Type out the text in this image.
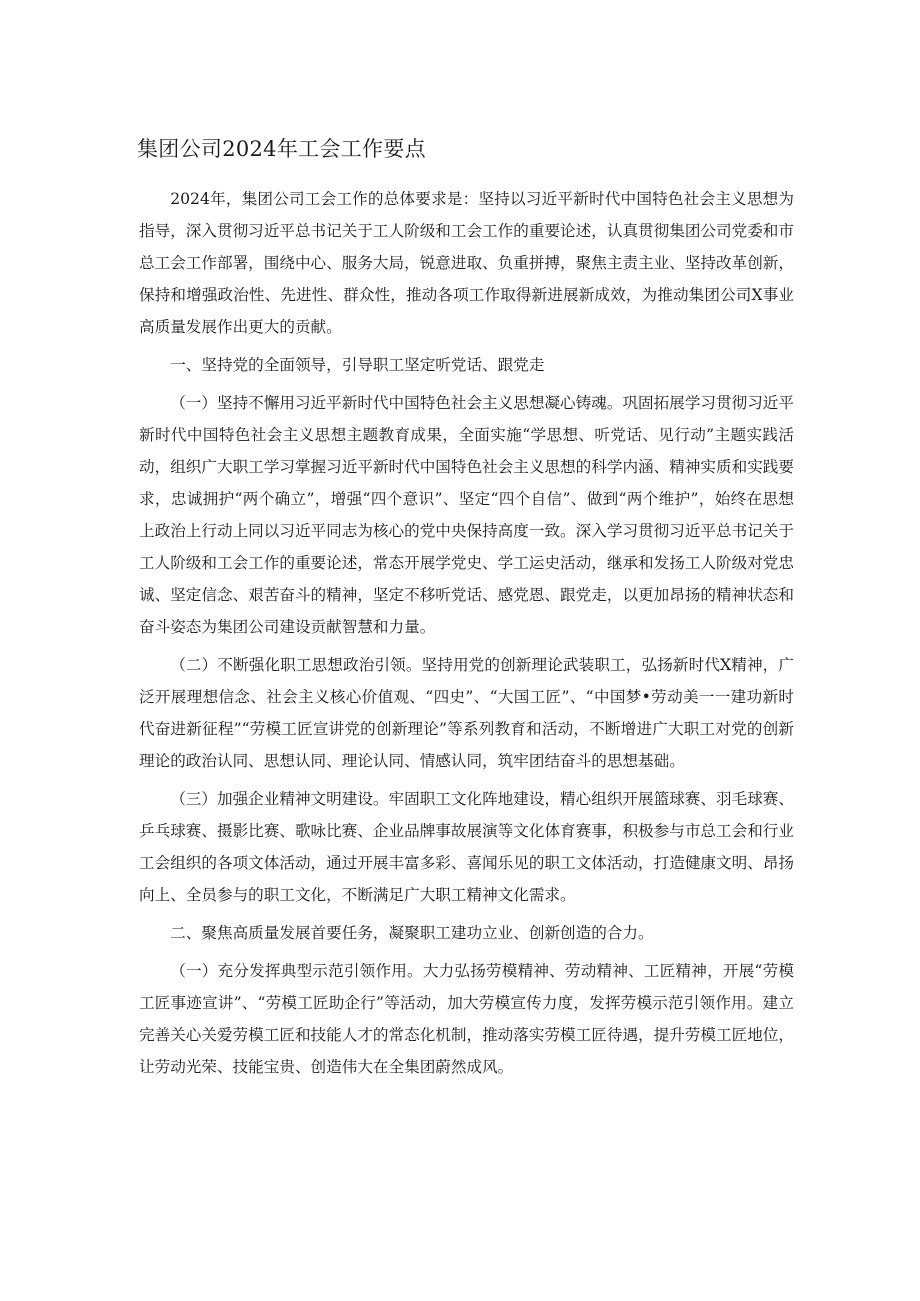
集团公司2024年工会工作要点

2024年，集团公司工会工作的总体要求是：坚持以习近平新时代中国特色社会主义思想为指导，深入贯彻习近平总书记关于工人阶级和工会工作的重要论述，认真贯彻集团公司党委和市总工会工作部署，围绕中心、服务大局，锐意进取、负重拼搏，聚焦主责主业、坚持改革创新，保持和增强政治性、先进性、群众性，推动各项工作取得新进展新成效，为推动集团公司X事业高质量发展作出更大的贡献。

一、坚持党的全面领导，引导职工坚定听党话、跟党走

（一）坚持不懈用习近平新时代中国特色社会主义思想凝心铸魂。巩固拓展学习贯彻习近平新时代中国特色社会主义思想主题教育成果，全面实施“学思想、听党话、见行动”主题实践活动，组织广大职工学习掌握习近平新时代中国特色社会主义思想的科学内涵、精神实质和实践要求，忠诚拥护“两个确立”，增强“四个意识”、坚定“四个自信”、做到“两个维护”，始终在思想上政治上行动上同以习近平同志为核心的党中央保持高度一致。深入学习贯彻习近平总书记关于工人阶级和工会工作的重要论述，常态开展学党史、学工运史活动，继承和发扬工人阶级对党忠诚、坚定信念、艰苦奋斗的精神，坚定不移听党话、感党恩、跟党走，以更加昂扬的精神状态和奋斗姿态为集团公司建设贡献智慧和力量。

（二）不断强化职工思想政治引领。坚持用党的创新理论武装职工，弘扬新时代X精神，广泛开展理想信念、社会主义核心价值观、“四史”、“大国工匠”、“中国梦•劳动美一一建功新时代奋进新征程”“劳模工匠宣讲党的创新理论”等系列教育和活动，不断增进广大职工对党的创新理论的政治认同、思想认同、理论认同、情感认同，筑牢团结奋斗的思想基础。

（三）加强企业精神文明建设。牢固职工文化阵地建设，精心组织开展篮球赛、羽毛球赛、乒乓球赛、摄影比赛、歌咏比赛、企业品牌事故展演等文化体育赛事，积极参与市总工会和行业工会组织的各项文体活动，通过开展丰富多彩、喜闻乐见的职工文体活动，打造健康文明、昂扬向上、全员参与的职工文化，不断满足广大职工精神文化需求。

二、聚焦高质量发展首要任务，凝聚职工建功立业、创新创造的合力。

（一）充分发挥典型示范引领作用。大力弘扬劳模精神、劳动精神、工匠精神，开展“劳模工匠事迹宣讲”、“劳模工匠助企行”等活动，加大劳模宣传力度，发挥劳模示范引领作用。建立完善关心关爱劳模工匠和技能人才的常态化机制，推动落实劳模工匠待遇，提升劳模工匠地位，让劳动光荣、技能宝贵、创造伟大在全集团蔚然成风。
